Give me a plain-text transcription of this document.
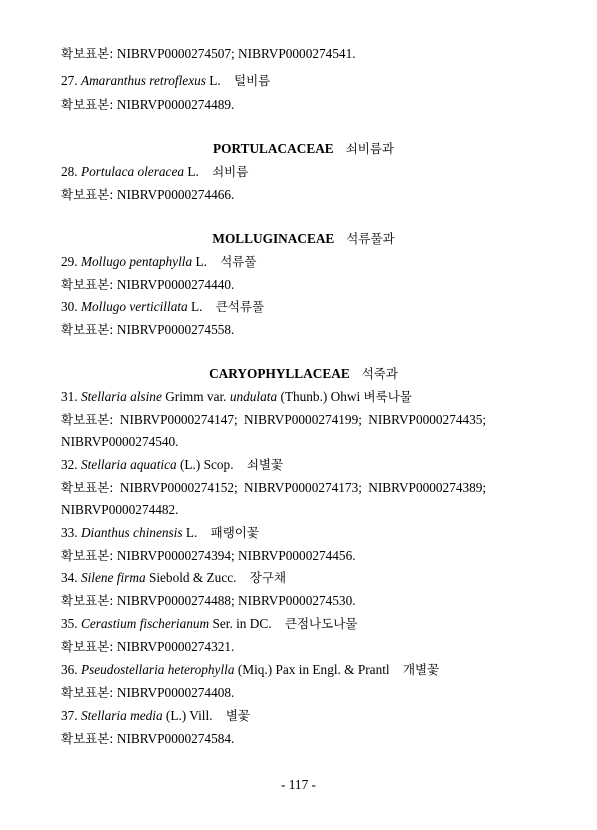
확보표본: NIBRVP0000274507; NIBRVP0000274541.
27. Amaranthus retroflexus L. 털비름
확보표본: NIBRVP0000274489.
PORTULACACEAE 쇠비름과
28. Portulaca oleracea L. 쇠비름
확보표본: NIBRVP0000274466.
MOLLUGINACEAE 석류풀과
29. Mollugo pentaphylla L. 석류풀
확보표본: NIBRVP0000274440.
30. Mollugo verticillata L. 큰석류풀
확보표본: NIBRVP0000274558.
CARYOPHYLLACEAE 석죽과
31. Stellaria alsine Grimm var. undulata (Thunb.) Ohwi 벼룩나물
확보표본: NIBRVP0000274147; NIBRVP0000274199; NIBRVP0000274435;
NIBRVP0000274540.
32. Stellaria aquatica (L.) Scop. 쇠별꽃
확보표본: NIBRVP0000274152; NIBRVP0000274173; NIBRVP0000274389;
NIBRVP0000274482.
33. Dianthus chinensis L. 패랭이꽃
확보표본: NIBRVP0000274394; NIBRVP0000274456.
34. Silene firma Siebold & Zucc. 장구채
확보표본: NIBRVP0000274488; NIBRVP0000274530.
35. Cerastium fischerianum Ser. in DC. 큰점나도나물
확보표본: NIBRVP0000274321.
36. Pseudostellaria heterophylla (Miq.) Pax in Engl. & Prantl 개별꽃
확보표본: NIBRVP0000274408.
37. Stellaria media (L.) Vill. 별꽃
확보표본: NIBRVP0000274584.
- 117 -
